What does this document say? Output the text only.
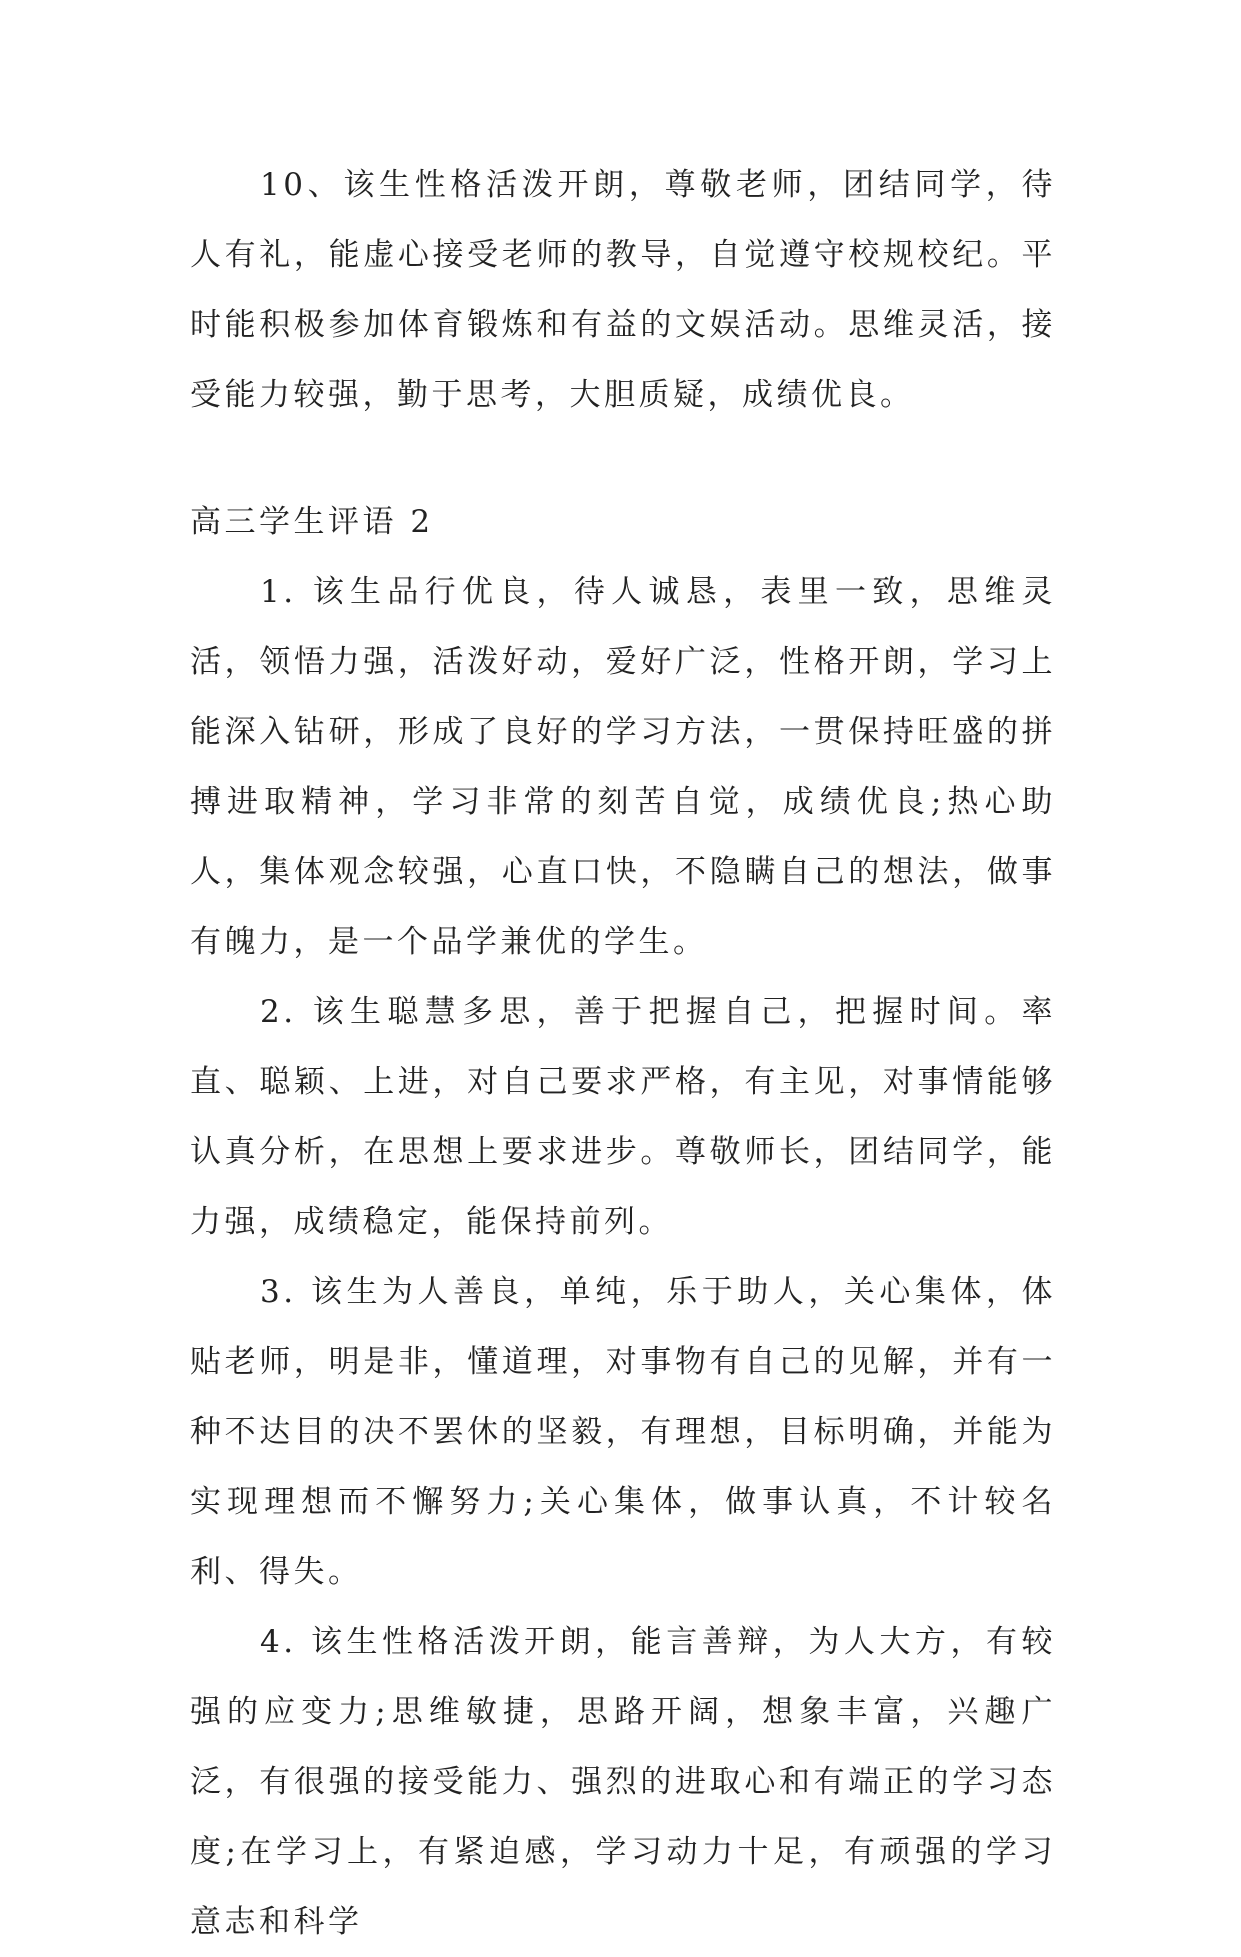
10、该生性格活泼开朗，尊敬老师，团结同学，待人有礼，能虚心接受老师的教导，自觉遵守校规校纪。平时能积极参加体育锻炼和有益的文娱活动。思维灵活，接受能力较强，勤于思考，大胆质疑，成绩优良。

高三学生评语 2

1. 该生品行优良，待人诚恳，表里一致，思维灵活，领悟力强，活泼好动，爱好广泛，性格开朗，学习上能深入钻研，形成了良好的学习方法，一贯保持旺盛的拼搏进取精神，学习非常的刻苦自觉，成绩优良;热心助人，集体观念较强，心直口快，不隐瞒自己的想法，做事有魄力，是一个品学兼优的学生。

2. 该生聪慧多思，善于把握自己，把握时间。率直、聪颖、上进，对自己要求严格，有主见，对事情能够认真分析，在思想上要求进步。尊敬师长，团结同学，能力强，成绩稳定，能保持前列。

3. 该生为人善良，单纯，乐于助人，关心集体，体贴老师，明是非，懂道理，对事物有自己的见解，并有一种不达目的决不罢休的坚毅，有理想，目标明确，并能为实现理想而不懈努力;关心集体，做事认真，不计较名利、得失。

4. 该生性格活泼开朗，能言善辩，为人大方，有较强的应变力;思维敏捷，思路开阔，想象丰富，兴趣广泛，有很强的接受能力、强烈的进取心和有端正的学习态度;在学习上，有紧迫感，学习动力十足，有顽强的学习意志和科学
